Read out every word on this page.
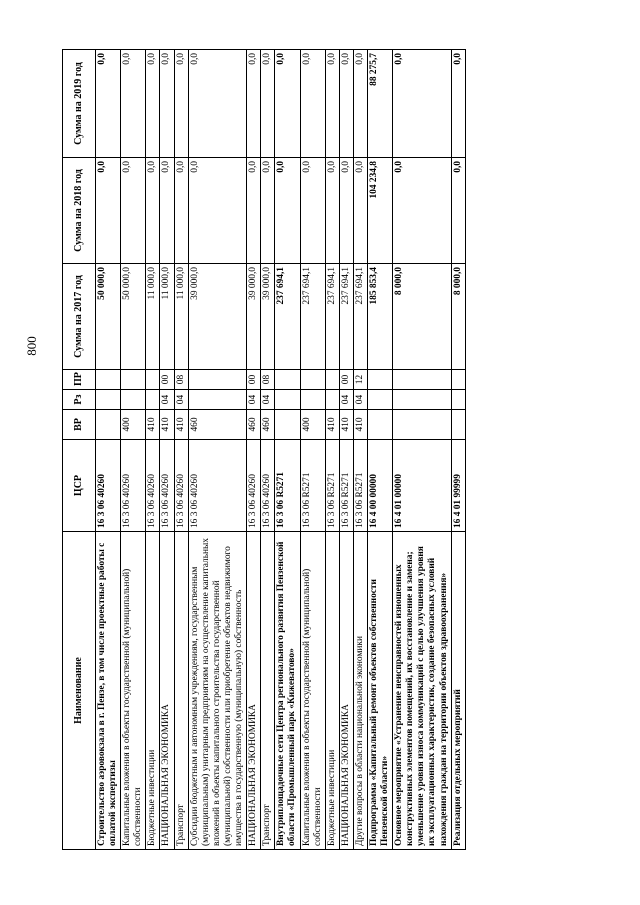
800
Наименование	ЦСР	ВР	Рз	ПР	Сумма на 2017 год	Сумма на 2018 год	Сумма на 2019 год
Строительство аэровокзала в г. Пензе, в том числе проектные работы с оплатой экспертизы	16 3 06 40260				50 000,0	0,0	0,0
Капитальные вложения в объекты государственной (муниципальной) собственности	16 3 06 40260	400			50 000,0	0,0	0,0
Бюджетные инвестиции	16 3 06 40260	410			11 000,0	0,0	0,0
НАЦИОНАЛЬНАЯ ЭКОНОМИКА	16 3 06 40260	410	04	00	11 000,0	0,0	0,0
Транспорт	16 3 06 40260	410	04	08	11 000,0	0,0	0,0
Субсидии бюджетным и автономным учреждениям, государственным (муниципальным) унитарным предприятиям на осуществление капитальных вложений в объекты капитального строительства государственной (муниципальной) собственности или приобретение объектов недвижимого имущества в государственную (муниципальную) собственность	16 3 06 40260	460			39 000,0	0,0	0,0
НАЦИОНАЛЬНАЯ ЭКОНОМИКА	16 3 06 40260	460	04	00	39 000,0	0,0	0,0
Транспорт	16 3 06 40260	460	04	08	39 000,0	0,0	0,0
Внутриплощадочные сети Центра регионального развития Пензенской области «Промышленный парк «Кижеватово»	16 3 06 R5271				237 694,1	0,0	0,0
Капитальные вложения в объекты государственной (муниципальной) собственности	16 3 06 R5271	400			237 694,1	0,0	0,0
Бюджетные инвестиции	16 3 06 R5271	410			237 694,1	0,0	0,0
НАЦИОНАЛЬНАЯ ЭКОНОМИКА	16 3 06 R5271	410	04	00	237 694,1	0,0	0,0
Другие вопросы в области национальной экономики	16 3 06 R5271	410	04	12	237 694,1	0,0	0,0
Подпрограмма «Капитальный ремонт объектов собственности Пензенской области»	16 4 00 00000				185 853,4	104 234,8	88 275,7
Основное мероприятие «Устранение неисправностей изношенных конструктивных элементов помещений, их восстановление и замена; уменьшение уровня износа коммуникаций с целью улучшения уровня их эксплуатационных характеристик, создание безопасных условий нахождения граждан на территории объектов здравоохранения»	16 4 01 00000				8 000,0	0,0	0,0
Реализация отдельных мероприятий	16 4 01 99999				8 000,0	0,0	0,0
